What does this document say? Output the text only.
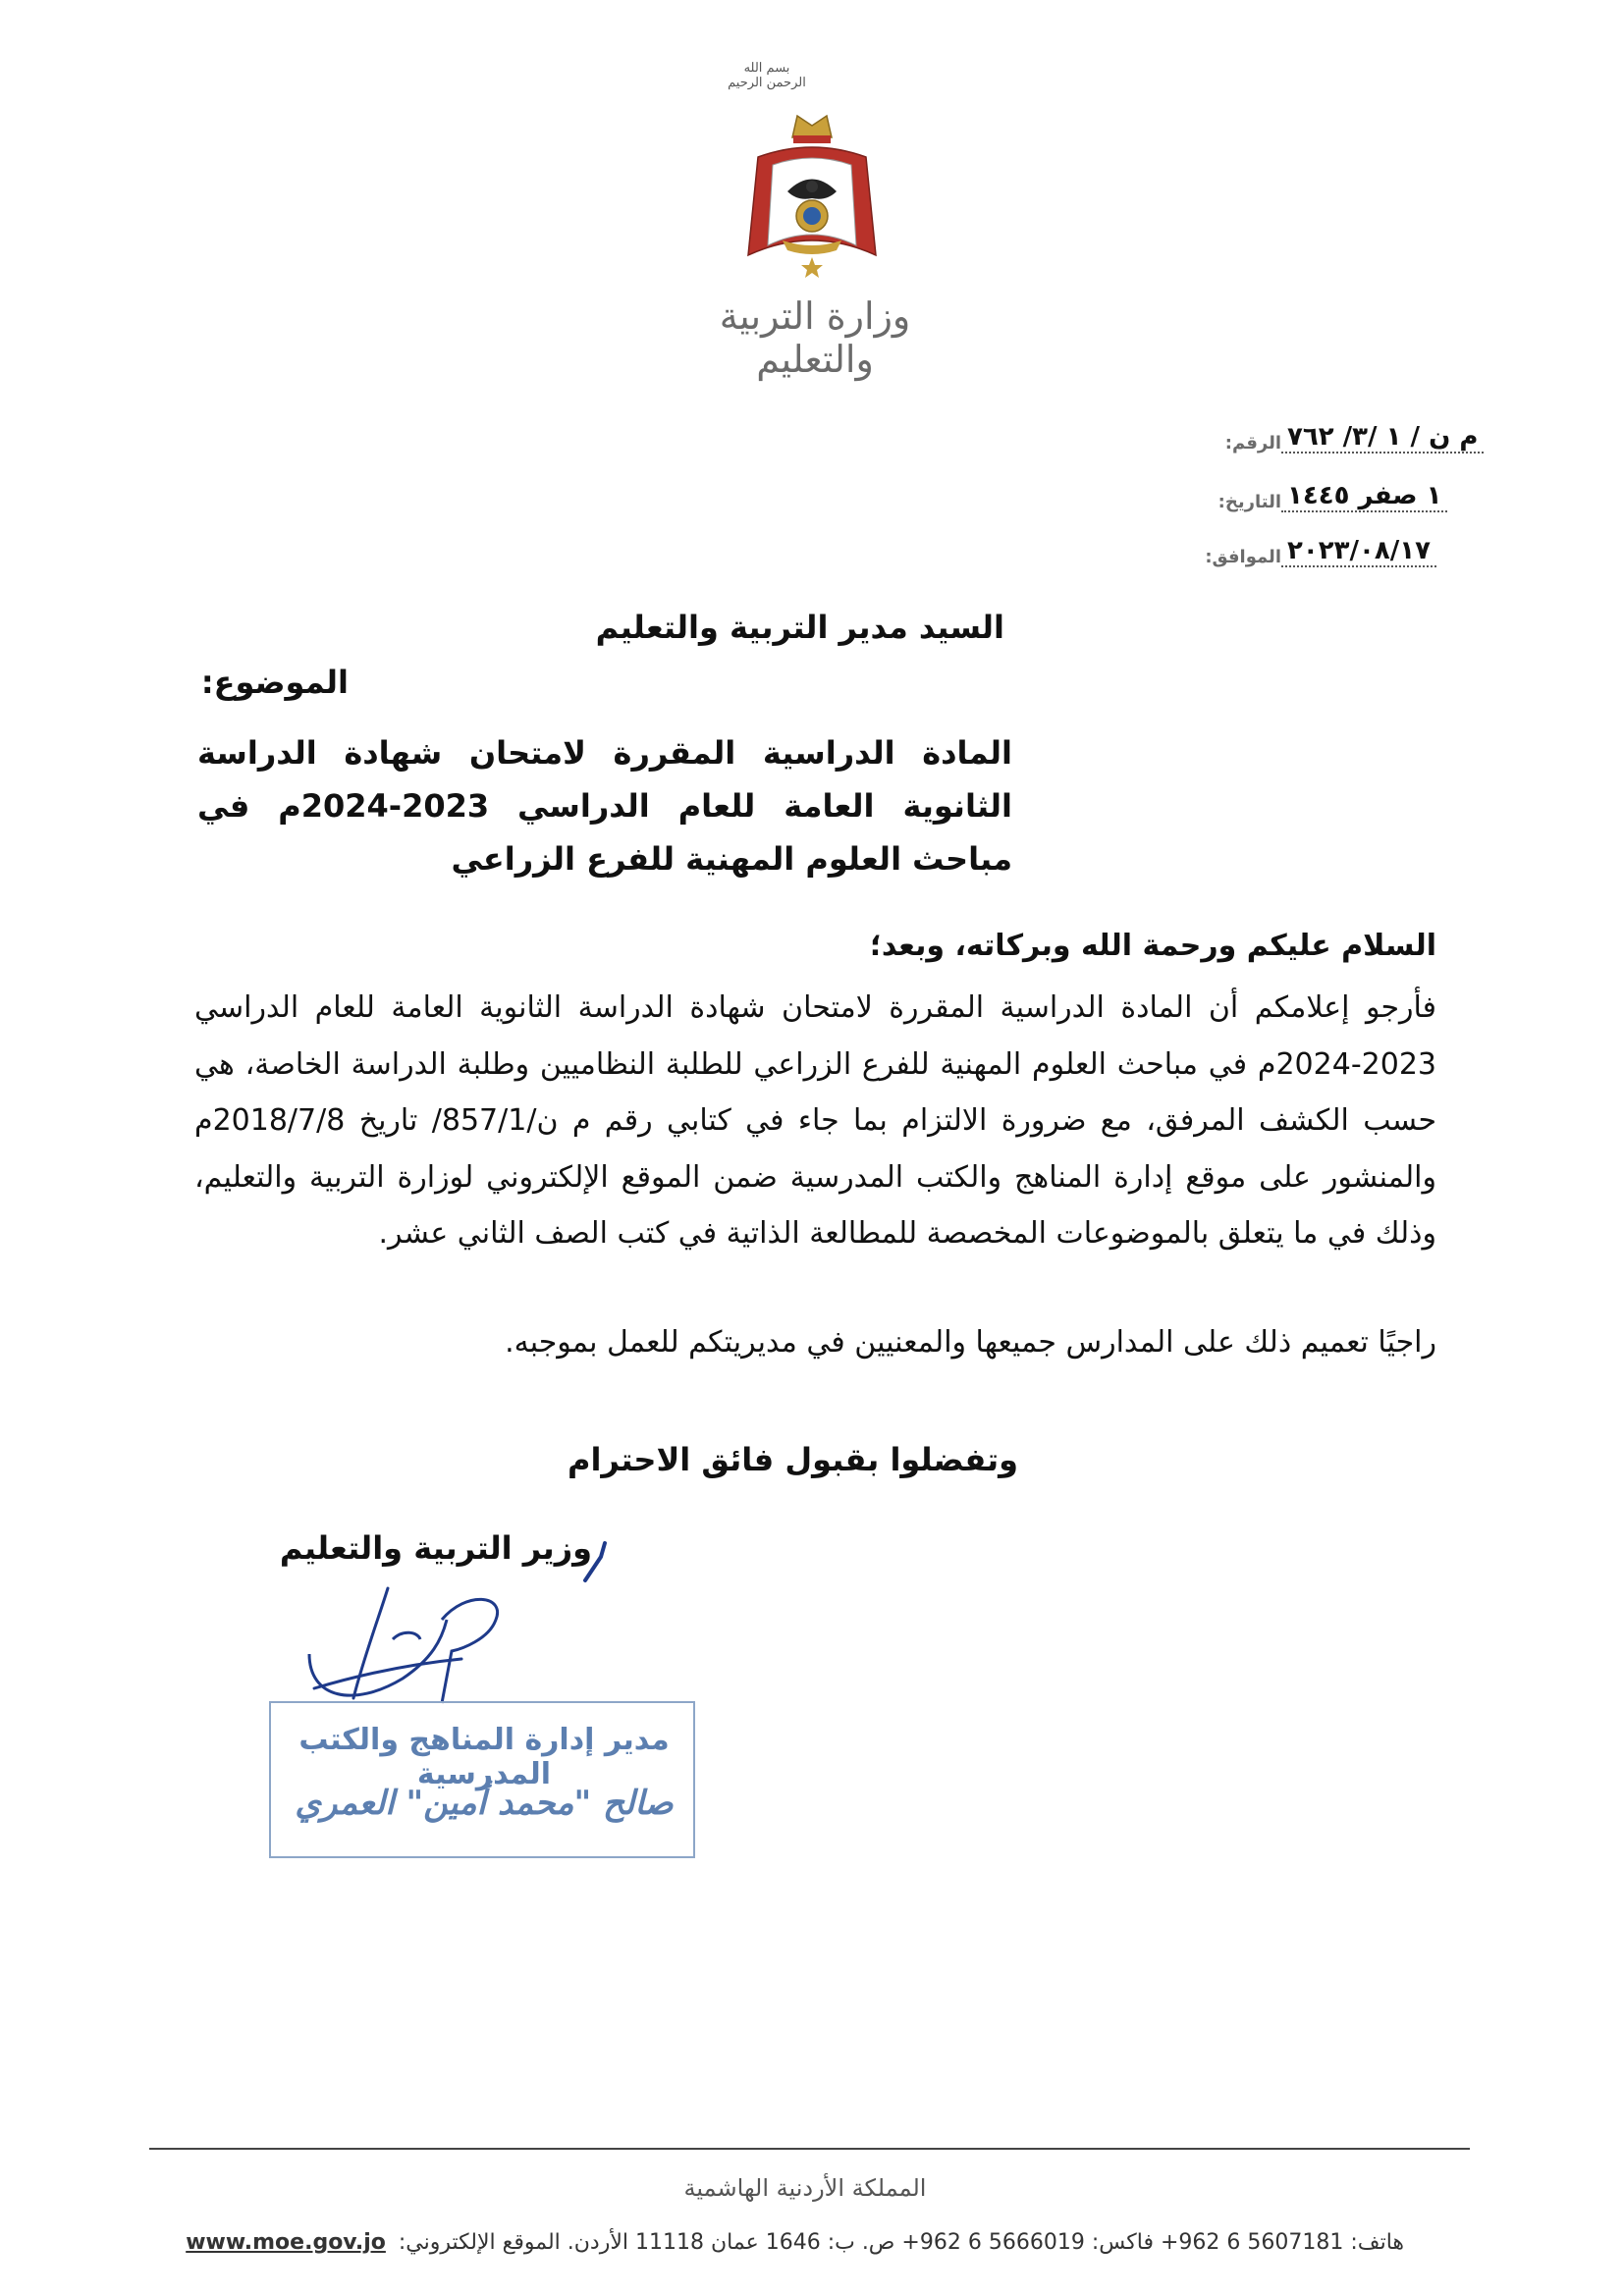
بسم الله الرحمن الرحيم
وزارة التربية والتعليم
الرقم: م ن / ١ /٣/ ٧٦٢
التاريخ: ١ صفر ١٤٤٥
الموافق: ٢٠٢٣/٠٨/١٧
السيد مدير التربية والتعليم
الموضوع:
المادة الدراسية المقررة لامتحان شهادة الدراسة الثانوية العامة للعام الدراسي 2023-2024م في مباحث العلوم المهنية للفرع الزراعي
السلام عليكم ورحمة الله وبركاته، وبعد؛
فأرجو إعلامكم أن المادة الدراسية المقررة لامتحان شهادة الدراسة الثانوية العامة للعام الدراسي 2023-2024م في مباحث العلوم المهنية للفرع الزراعي للطلبة النظاميين وطلبة الدراسة الخاصة، هي حسب الكشف المرفق، مع ضرورة الالتزام بما جاء في كتابي رقم م ن/857/1/ تاريخ 2018/7/8م والمنشور على موقع إدارة المناهج والكتب المدرسية ضمن الموقع الإلكتروني لوزارة التربية والتعليم، وذلك في ما يتعلق بالموضوعات المخصصة للمطالعة الذاتية في كتب الصف الثاني عشر.
راجيًا تعميم ذلك على المدارس جميعها والمعنيين في مديريتكم للعمل بموجبه.
وتفضلوا بقبول فائق الاحترام
وزير التربية والتعليم
مدير إدارة المناهج والكتب المدرسية
صالح "محمد أمين" العمري
المملكة الأردنية الهاشمية
هاتف: 5607181 6 962+ فاكس: 5666019 6 962+ ص. ب: 1646 عمان 11118 الأردن. الموقع الإلكتروني: www.moe.gov.jo
